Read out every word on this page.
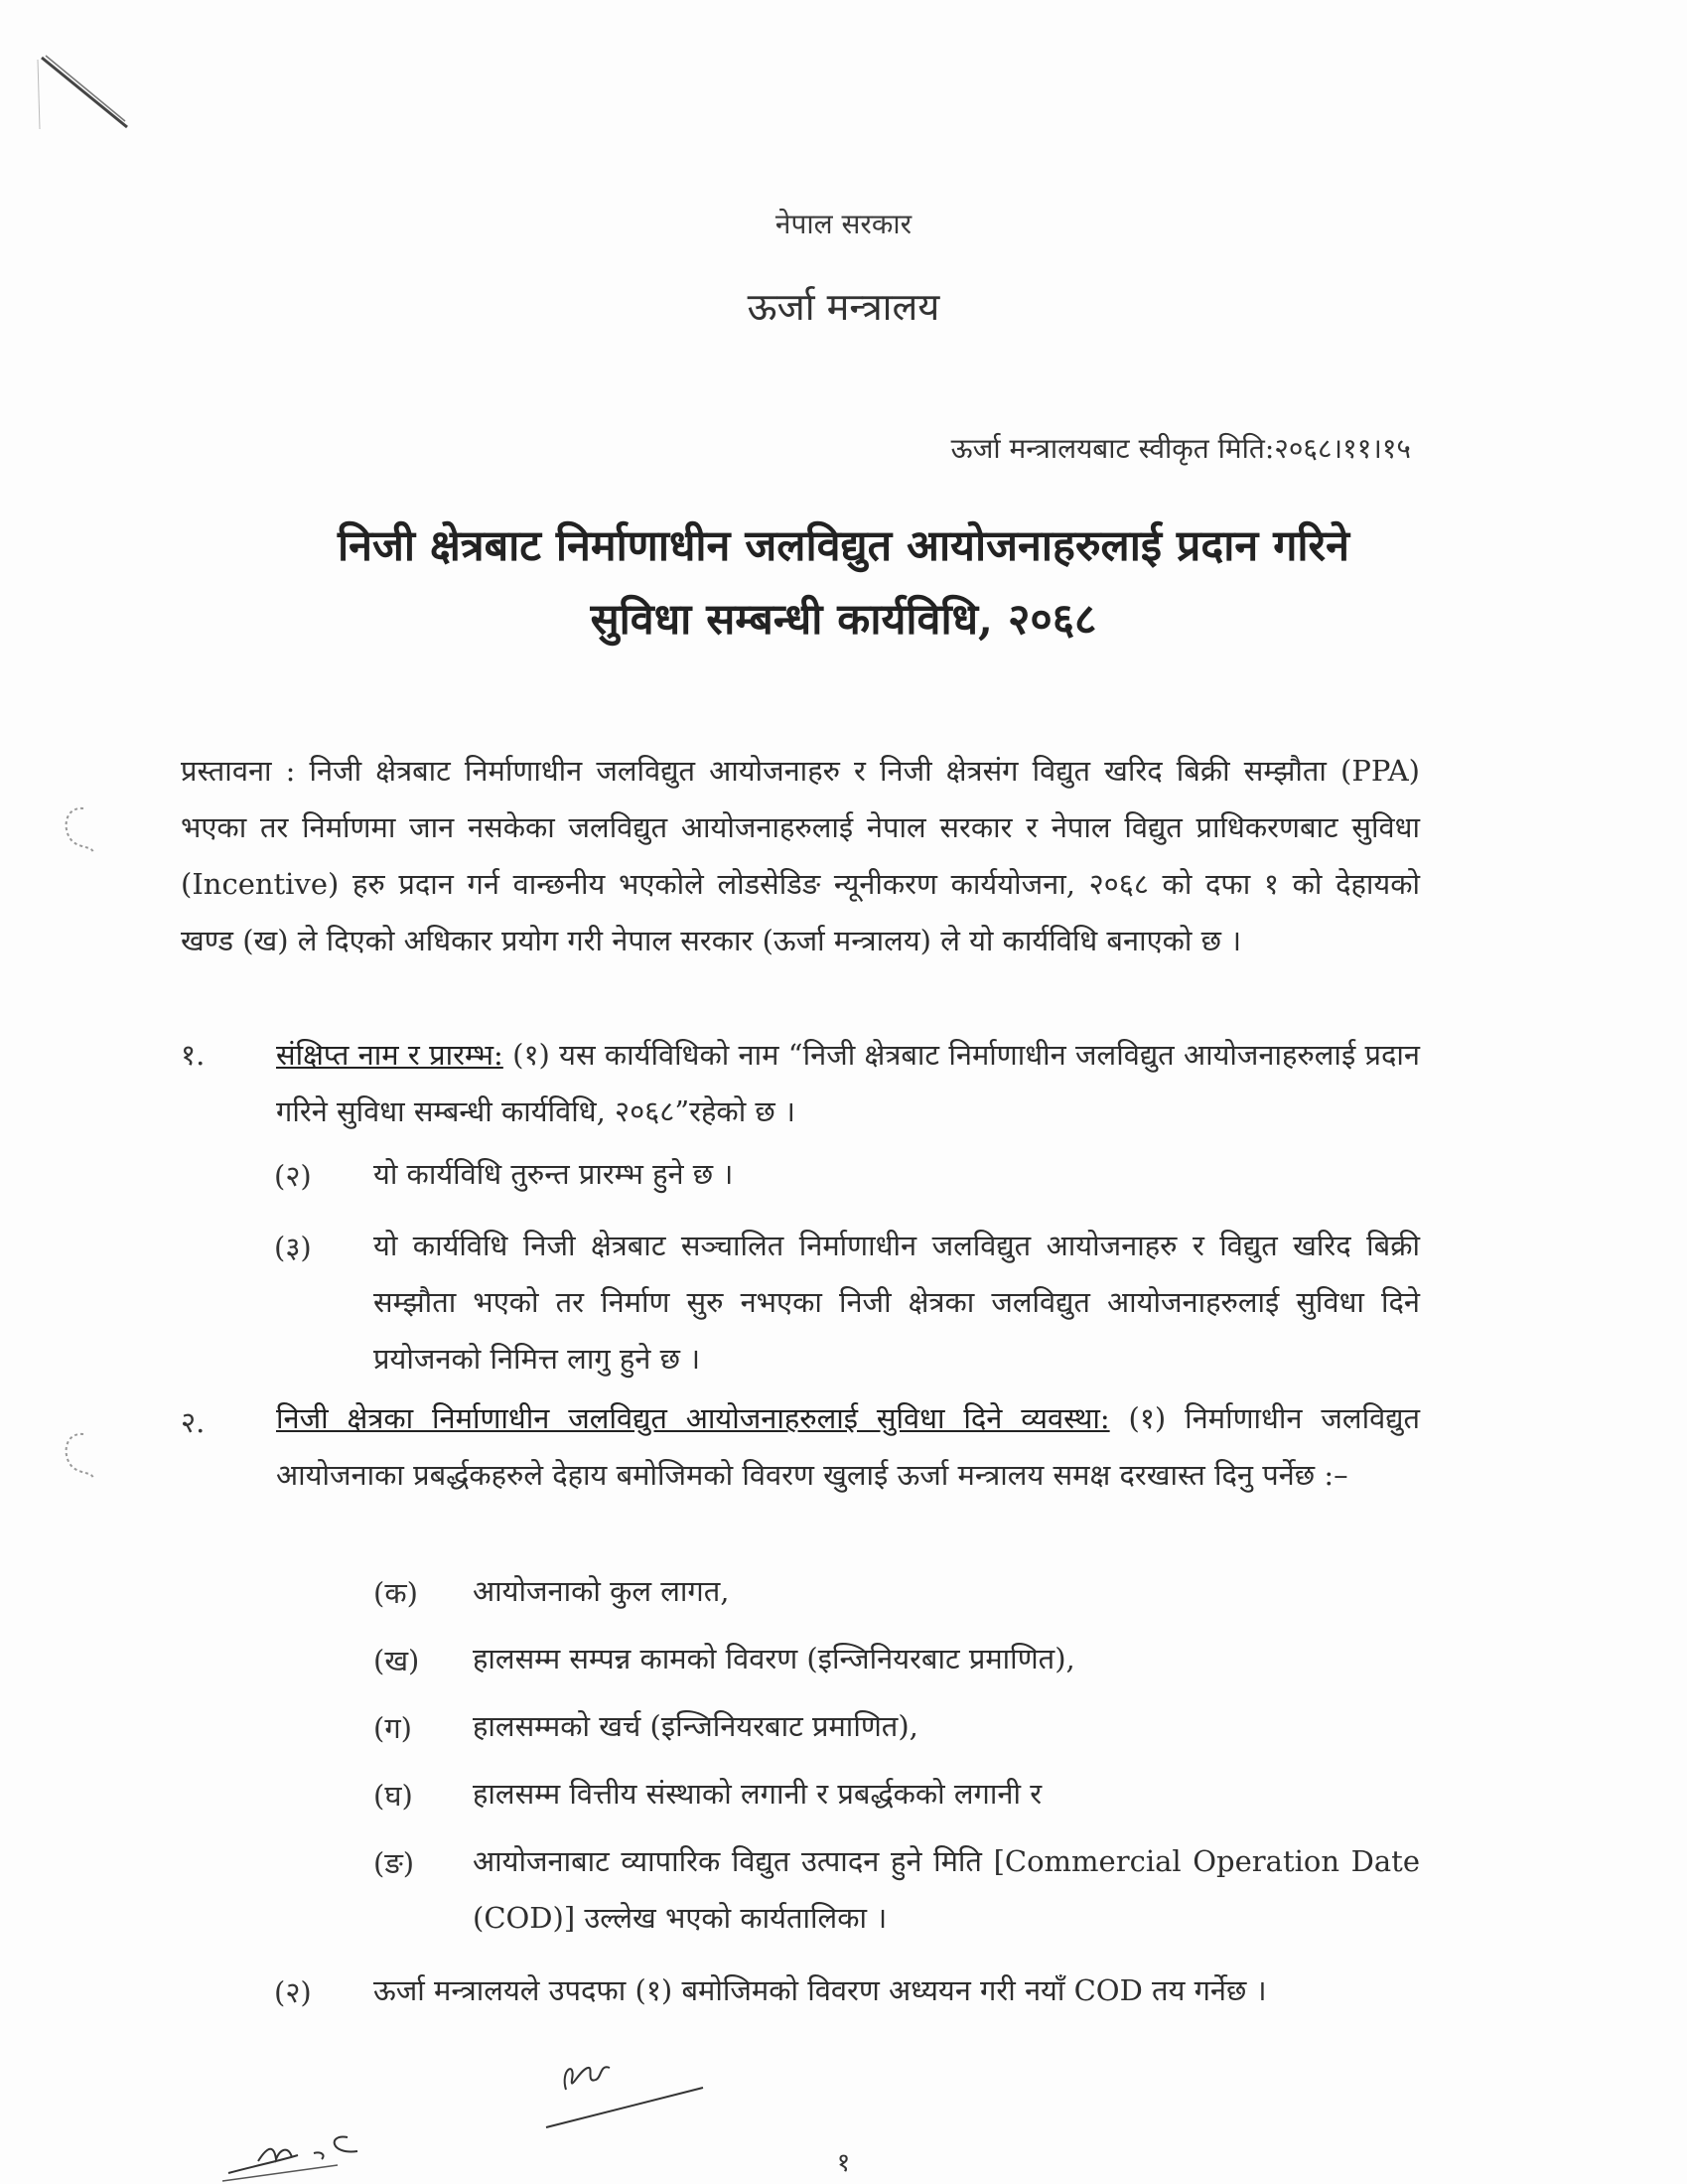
नेपाल सरकार
ऊर्जा मन्त्रालय
ऊर्जा मन्त्रालयबाट स्वीकृत मिति:२०६८।११।१५
निजी क्षेत्रबाट निर्माणाधीन जलविद्युत आयोजनाहरुलाई प्रदान गरिने
सुविधा सम्बन्धी कार्यविधि, २०६८
प्रस्तावना : निजी क्षेत्रबाट निर्माणाधीन जलविद्युत आयोजनाहरु र निजी क्षेत्रसंग विद्युत खरिद बिक्री सम्झौता (PPA) भएका तर निर्माणमा जान नसकेका जलविद्युत आयोजनाहरुलाई नेपाल सरकार र नेपाल विद्युत प्राधिकरणबाट सुविधा (Incentive) हरु प्रदान गर्न वान्छनीय भएकोले लोडसेडिङ न्यूनीकरण कार्ययोजना, २०६८ को दफा १ को देहायको खण्ड (ख) ले दिएको अधिकार प्रयोग गरी नेपाल सरकार (ऊर्जा मन्त्रालय) ले यो कार्यविधि बनाएको छ ।
१. संक्षिप्त नाम र प्रारम्भ: (१) यस कार्यविधिको नाम “निजी क्षेत्रबाट निर्माणाधीन जलविद्युत आयोजनाहरुलाई प्रदान गरिने सुविधा सम्बन्धी कार्यविधि, २०६८”रहेको छ ।
(२) यो कार्यविधि तुरुन्त प्रारम्भ हुने छ ।
(३) यो कार्यविधि निजी क्षेत्रबाट सञ्चालित निर्माणाधीन जलविद्युत आयोजनाहरु र विद्युत खरिद बिक्री सम्झौता भएको तर निर्माण सुरु नभएका निजी क्षेत्रका जलविद्युत आयोजनाहरुलाई सुविधा दिने प्रयोजनको निमित्त लागु हुने छ ।
२. निजी क्षेत्रका निर्माणाधीन जलविद्युत आयोजनाहरुलाई सुविधा दिने व्यवस्था: (१) निर्माणाधीन जलविद्युत आयोजनाका प्रबर्द्धकहरुले देहाय बमोजिमको विवरण खुलाई ऊर्जा मन्त्रालय समक्ष दरखास्त दिनु पर्नेछ :–
(क) आयोजनाको कुल लागत,
(ख) हालसम्म सम्पन्न कामको विवरण (इन्जिनियरबाट प्रमाणित),
(ग) हालसम्मको खर्च (इन्जिनियरबाट प्रमाणित),
(घ) हालसम्म वित्तीय संस्थाको लगानी र प्रबर्द्धकको लगानी र
(ङ) आयोजनाबाट व्यापारिक विद्युत उत्पादन हुने मिति [Commercial Operation Date (COD)] उल्लेख भएको कार्यतालिका ।
(२) ऊर्जा मन्त्रालयले उपदफा (१) बमोजिमको विवरण अध्ययन गरी नयाँ COD तय गर्नेछ ।
१
